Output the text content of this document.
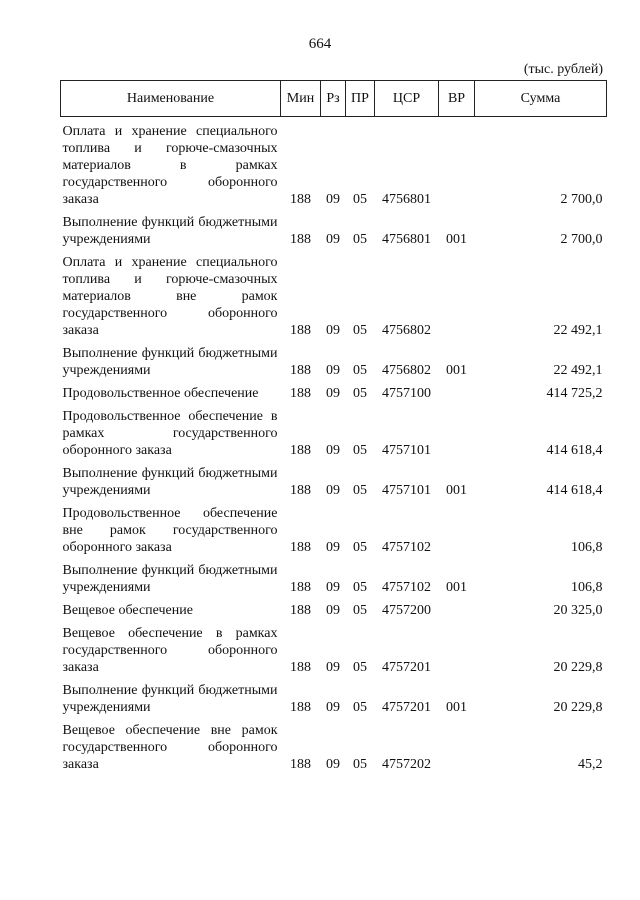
664
(тыс. рублей)
Наименование	Мин	Рз	ПР	ЦСР	ВР	Сумма
Оплата и хранение специального топлива и горюче-смазочных материалов в рамках государственного оборонного заказа	188	09	05	4756801		2 700,0
Выполнение функций бюджетными учреждениями	188	09	05	4756801	001	2 700,0
Оплата и хранение специального топлива и горюче-смазочных материалов вне рамок государственного оборонного заказа	188	09	05	4756802		22 492,1
Выполнение функций бюджетными учреждениями	188	09	05	4756802	001	22 492,1
Продовольственное обеспечение	188	09	05	4757100		414 725,2
Продовольственное обеспечение в рамках государственного оборонного заказа	188	09	05	4757101		414 618,4
Выполнение функций бюджетными учреждениями	188	09	05	4757101	001	414 618,4
Продовольственное обеспечение вне рамок государственного оборонного заказа	188	09	05	4757102		106,8
Выполнение функций бюджетными учреждениями	188	09	05	4757102	001	106,8
Вещевое обеспечение	188	09	05	4757200		20 325,0
Вещевое обеспечение в рамках государственного оборонного заказа	188	09	05	4757201		20 229,8
Выполнение функций бюджетными учреждениями	188	09	05	4757201	001	20 229,8
Вещевое обеспечение вне рамок государственного оборонного заказа	188	09	05	4757202		45,2
